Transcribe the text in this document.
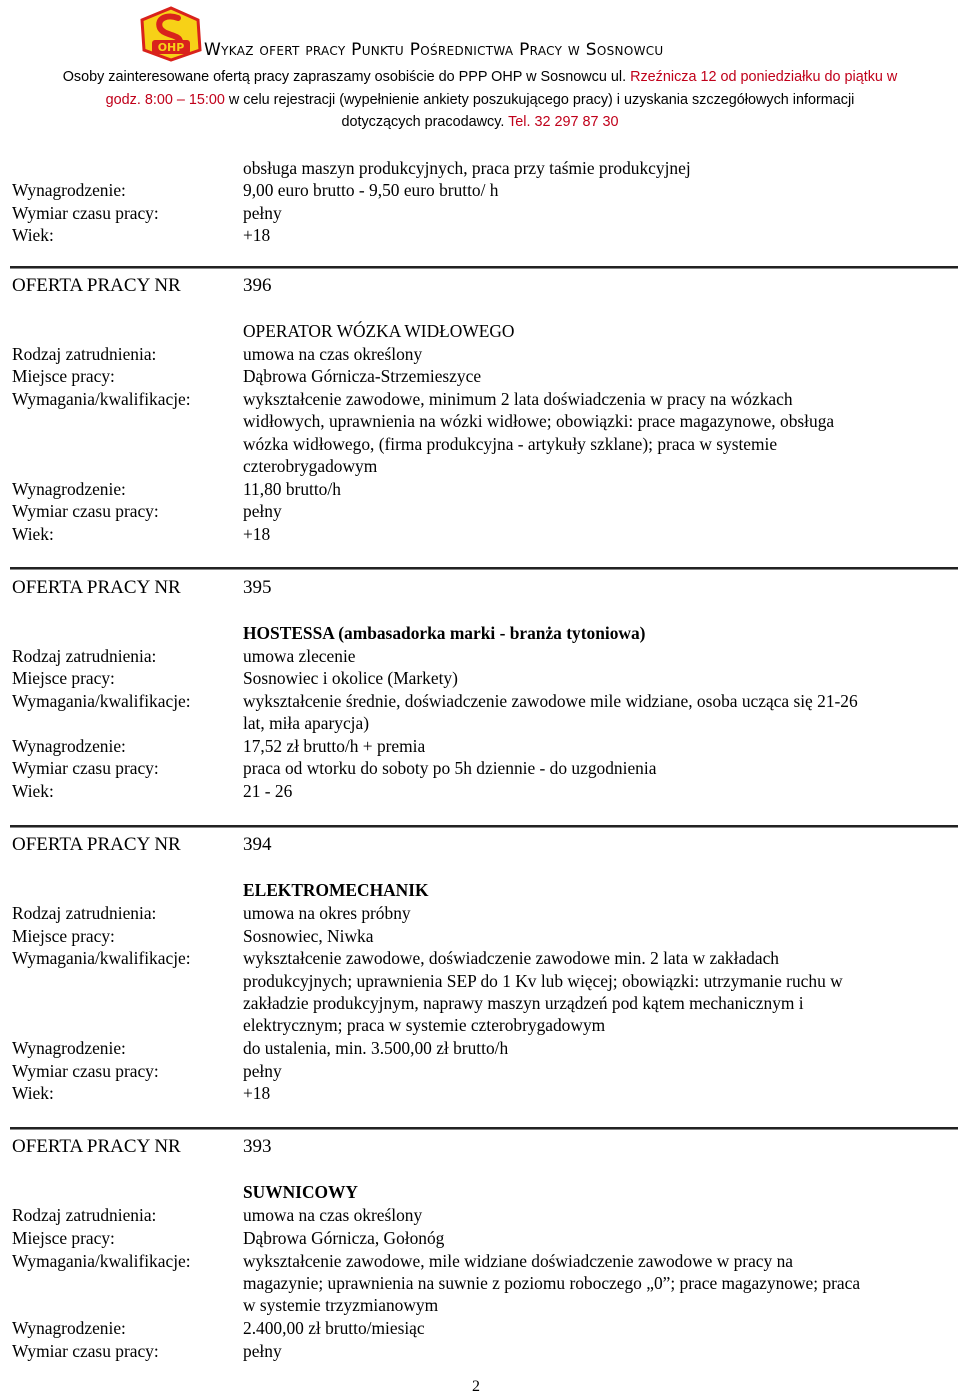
OHP Wykaz ofert pracy Punktu Pośrednictwa Pracy w Sosnowcu
Osoby zainteresowane ofertą pracy zapraszamy osobiście do PPP OHP w Sosnowcu ul. Rzeźnicza 12 od poniedziałku do piątku w
godz. 8:00 – 15:00 w celu rejestracji (wypełnienie ankiety poszukującego pracy) i uzyskania szczegółowych informacji
dotyczących pracodawcy. Tel. 32 297 87 30
obsługa maszyn produkcyjnych, praca przy taśmie produkcyjnej
Wynagrodzenie:	9,00 euro brutto - 9,50 euro brutto/ h
Wymiar czasu pracy:	pełny
Wiek:	+18
OFERTA PRACY NR	396
OPERATOR WÓZKA WIDŁOWEGO
Rodzaj zatrudnienia:	umowa na czas określony
Miejsce pracy:	Dąbrowa Górnicza-Strzemieszyce
Wymagania/kwalifikacje:	wykształcenie zawodowe, minimum 2 lata doświadczenia w pracy na wózkach
widłowych, uprawnienia na wózki widłowe; obowiązki: prace magazynowe, obsługa
wózka widłowego, (firma produkcyjna - artykuły szklane); praca w systemie
czterobrygadowym
Wynagrodzenie:	11,80 brutto/h
Wymiar czasu pracy:	pełny
Wiek:	+18
OFERTA PRACY NR	395
HOSTESSA (ambasadorka marki - branża tytoniowa)
Rodzaj zatrudnienia:	umowa zlecenie
Miejsce pracy:	Sosnowiec i okolice (Markety)
Wymagania/kwalifikacje:	wykształcenie średnie, doświadczenie zawodowe mile widziane, osoba ucząca się 21-26
lat, miła aparycja)
Wynagrodzenie:	17,52 zł brutto/h + premia
Wymiar czasu pracy:	praca od wtorku do soboty po 5h dziennie - do uzgodnienia
Wiek:	21 - 26
OFERTA PRACY NR	394
ELEKTROMECHANIK
Rodzaj zatrudnienia:	umowa na okres próbny
Miejsce pracy:	Sosnowiec, Niwka
Wymagania/kwalifikacje:	wykształcenie zawodowe, doświadczenie zawodowe min. 2 lata w zakładach
produkcyjnych; uprawnienia SEP do 1 Kv lub więcej; obowiązki: utrzymanie ruchu w
zakładzie produkcyjnym, naprawy maszyn urządzeń pod kątem mechanicznym i
elektrycznym; praca w systemie czterobrygadowym
Wynagrodzenie:	do ustalenia, min. 3.500,00 zł brutto/h
Wymiar czasu pracy:	pełny
Wiek:	+18
OFERTA PRACY NR	393
SUWNICOWY
Rodzaj zatrudnienia:	umowa na czas określony
Miejsce pracy:	Dąbrowa Górnicza, Gołonóg
Wymagania/kwalifikacje:	wykształcenie zawodowe, mile widziane doświadczenie zawodowe w pracy na
magazynie; uprawnienia na suwnie z poziomu roboczego „0”; prace magazynowe; praca
w systemie trzyzmianowym
Wynagrodzenie:	2.400,00 zł brutto/miesiąc
Wymiar czasu pracy:	pełny
2
